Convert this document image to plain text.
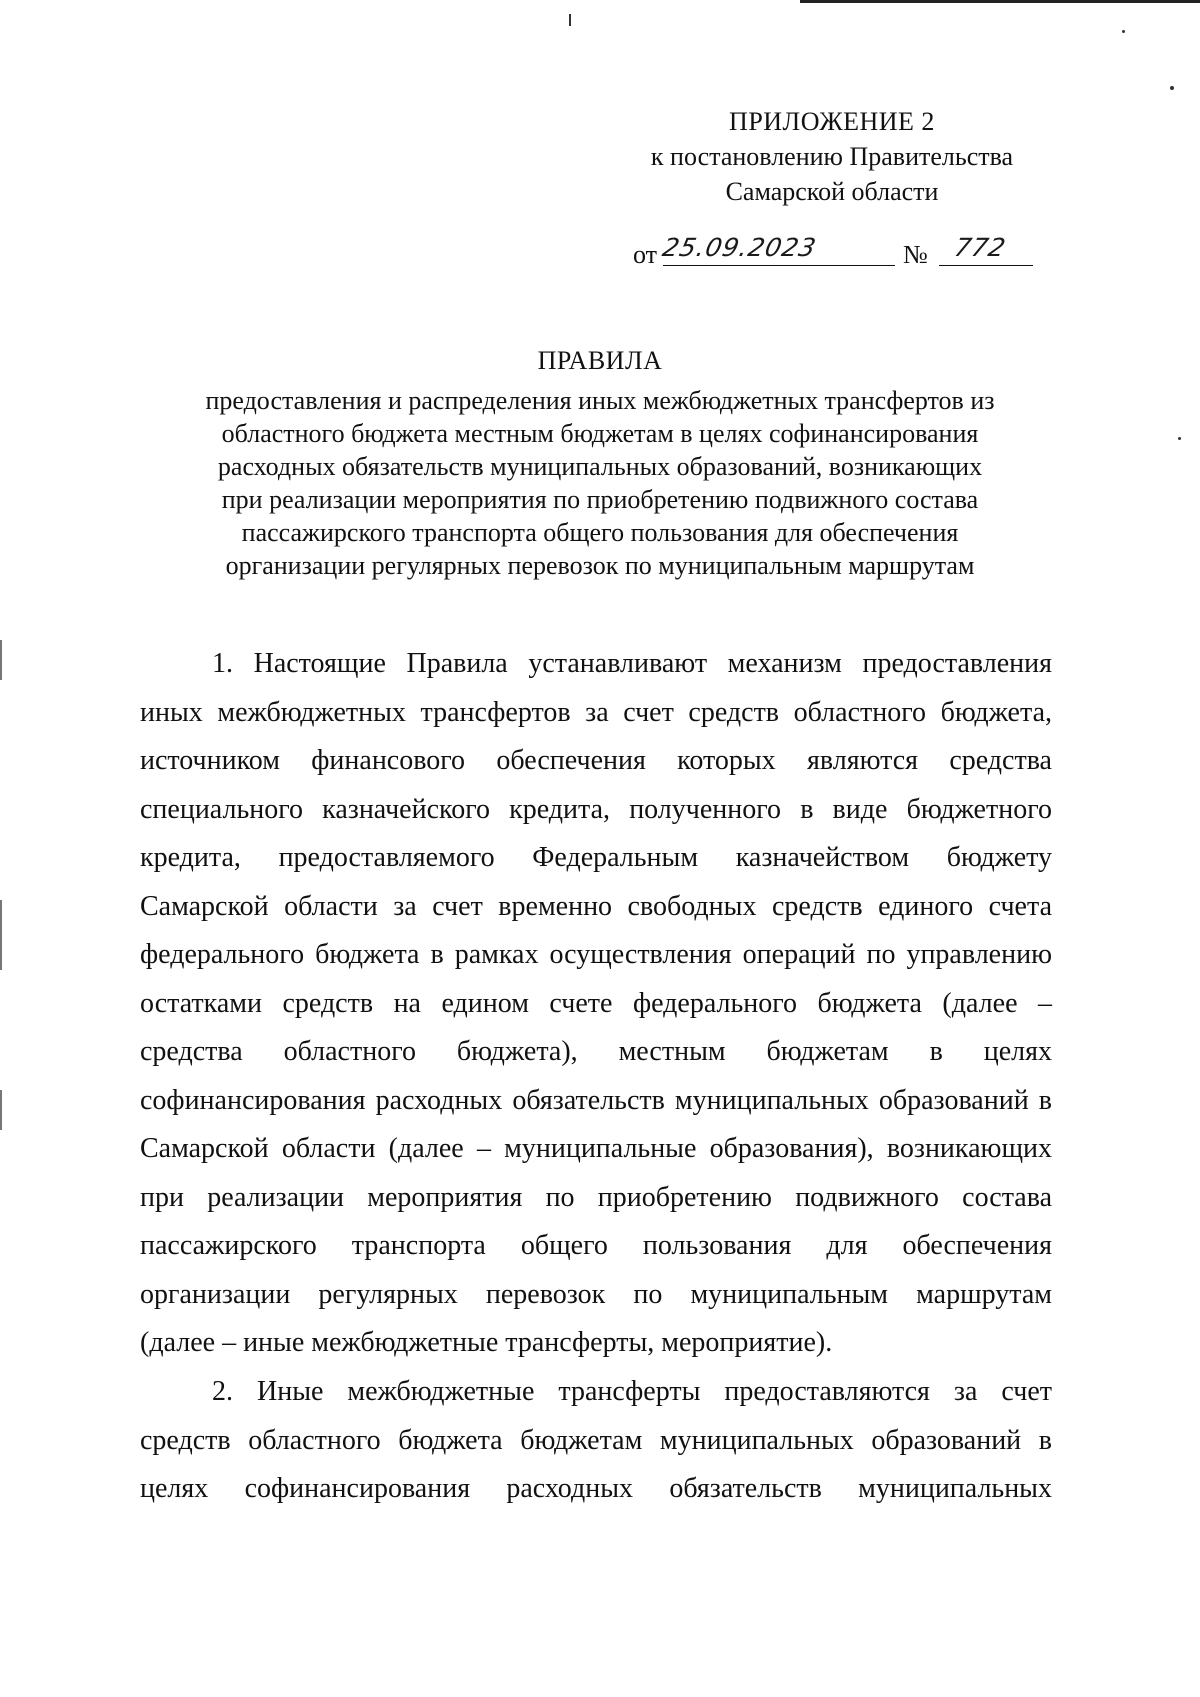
ПРИЛОЖЕНИЕ 2
к постановлению Правительства
Самарской области
от 25.09.2023	№ 772
ПРАВИЛА
предоставления и распределения иных межбюджетных трансфертов из
областного бюджета местным бюджетам в целях софинансирования
расходных обязательств муниципальных образований, возникающих
при реализации мероприятия по приобретению подвижного состава
пассажирского транспорта общего пользования для обеспечения
организации регулярных перевозок по муниципальным маршрутам
1. Настоящие Правила устанавливают механизм предоставления
иных межбюджетных трансфертов за счет средств областного бюджета,
источником финансового обеспечения которых являются средства
специального казначейского кредита, полученного в виде бюджетного
кредита, предоставляемого Федеральным казначейством бюджету
Самарской области за счет временно свободных средств единого счета
федерального бюджета в рамках осуществления операций по управлению
остатками средств на едином счете федерального бюджета (далее –
средства областного бюджета), местным бюджетам в целях
софинансирования расходных обязательств муниципальных образований в
Самарской области (далее – муниципальные образования), возникающих
при реализации мероприятия по приобретению подвижного состава
пассажирского транспорта общего пользования для обеспечения
организации регулярных перевозок по муниципальным маршрутам
(далее – иные межбюджетные трансферты, мероприятие).
2. Иные межбюджетные трансферты предоставляются за счет
средств областного бюджета бюджетам муниципальных образований в
целях софинансирования расходных обязательств муниципальных
